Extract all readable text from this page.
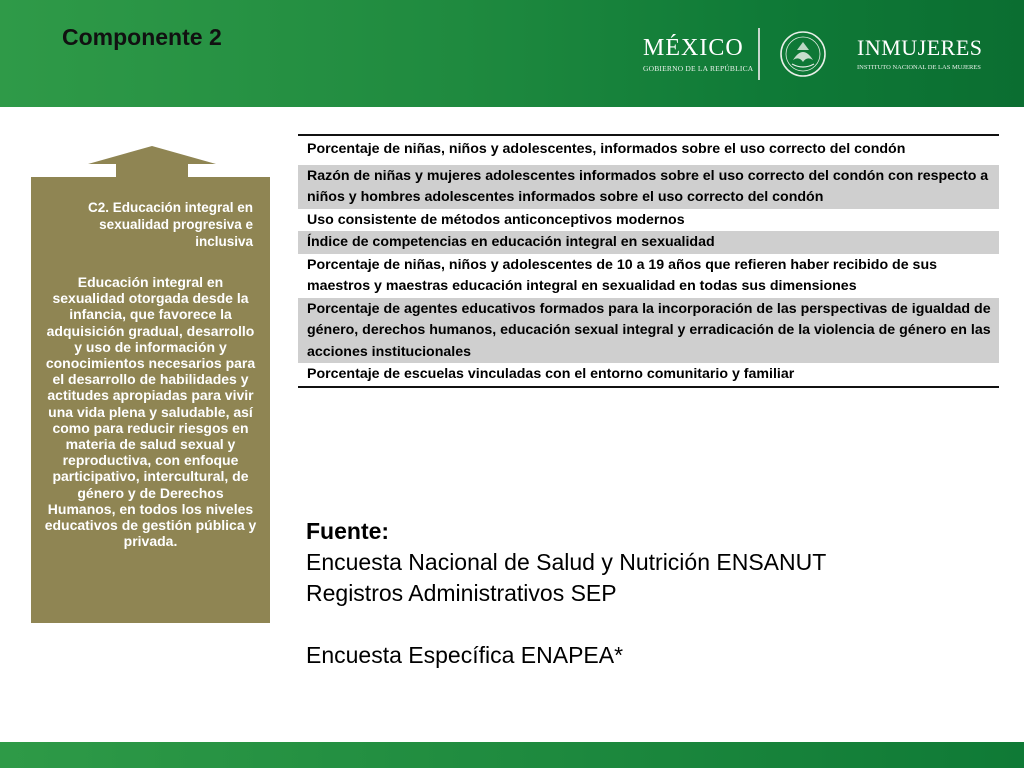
Componente 2	MÉXICO
GOBIERNO DE LA REPÚBLICA
INMUJERES
INSTITUTO NACIONAL DE LAS MUJERES
C2. Educación integral en sexualidad progresiva e inclusiva
Educación integral en sexualidad otorgada desde la infancia, que favorece la adquisición gradual, desarrollo y uso de información y conocimientos necesarios para el desarrollo de habilidades y actitudes apropiadas para vivir una vida plena y saludable, así como para reducir riesgos en materia de salud sexual y reproductiva, con enfoque participativo, intercultural, de género y de Derechos Humanos, en todos los niveles educativos de gestión pública y privada.
Porcentaje de niñas, niños y adolescentes, informados sobre el uso correcto del condón
Razón de niñas y mujeres adolescentes informados sobre el uso correcto del condón con respecto a niños y hombres adolescentes informados sobre el uso correcto del condón
Uso consistente de métodos anticonceptivos modernos
Índice de competencias en educación integral en sexualidad
Porcentaje de niñas, niños y adolescentes de 10 a 19 años que refieren haber recibido de sus maestros y maestras educación integral en sexualidad en todas sus dimensiones
Porcentaje de agentes educativos formados para la incorporación de las perspectivas de igualdad de género, derechos humanos, educación sexual integral y erradicación de la violencia de género en las acciones institucionales
Porcentaje de escuelas vinculadas con el entorno comunitario y familiar
Fuente:
Encuesta Nacional de Salud y Nutrición ENSANUT
Registros Administrativos SEP
Encuesta Específica ENAPEA*
